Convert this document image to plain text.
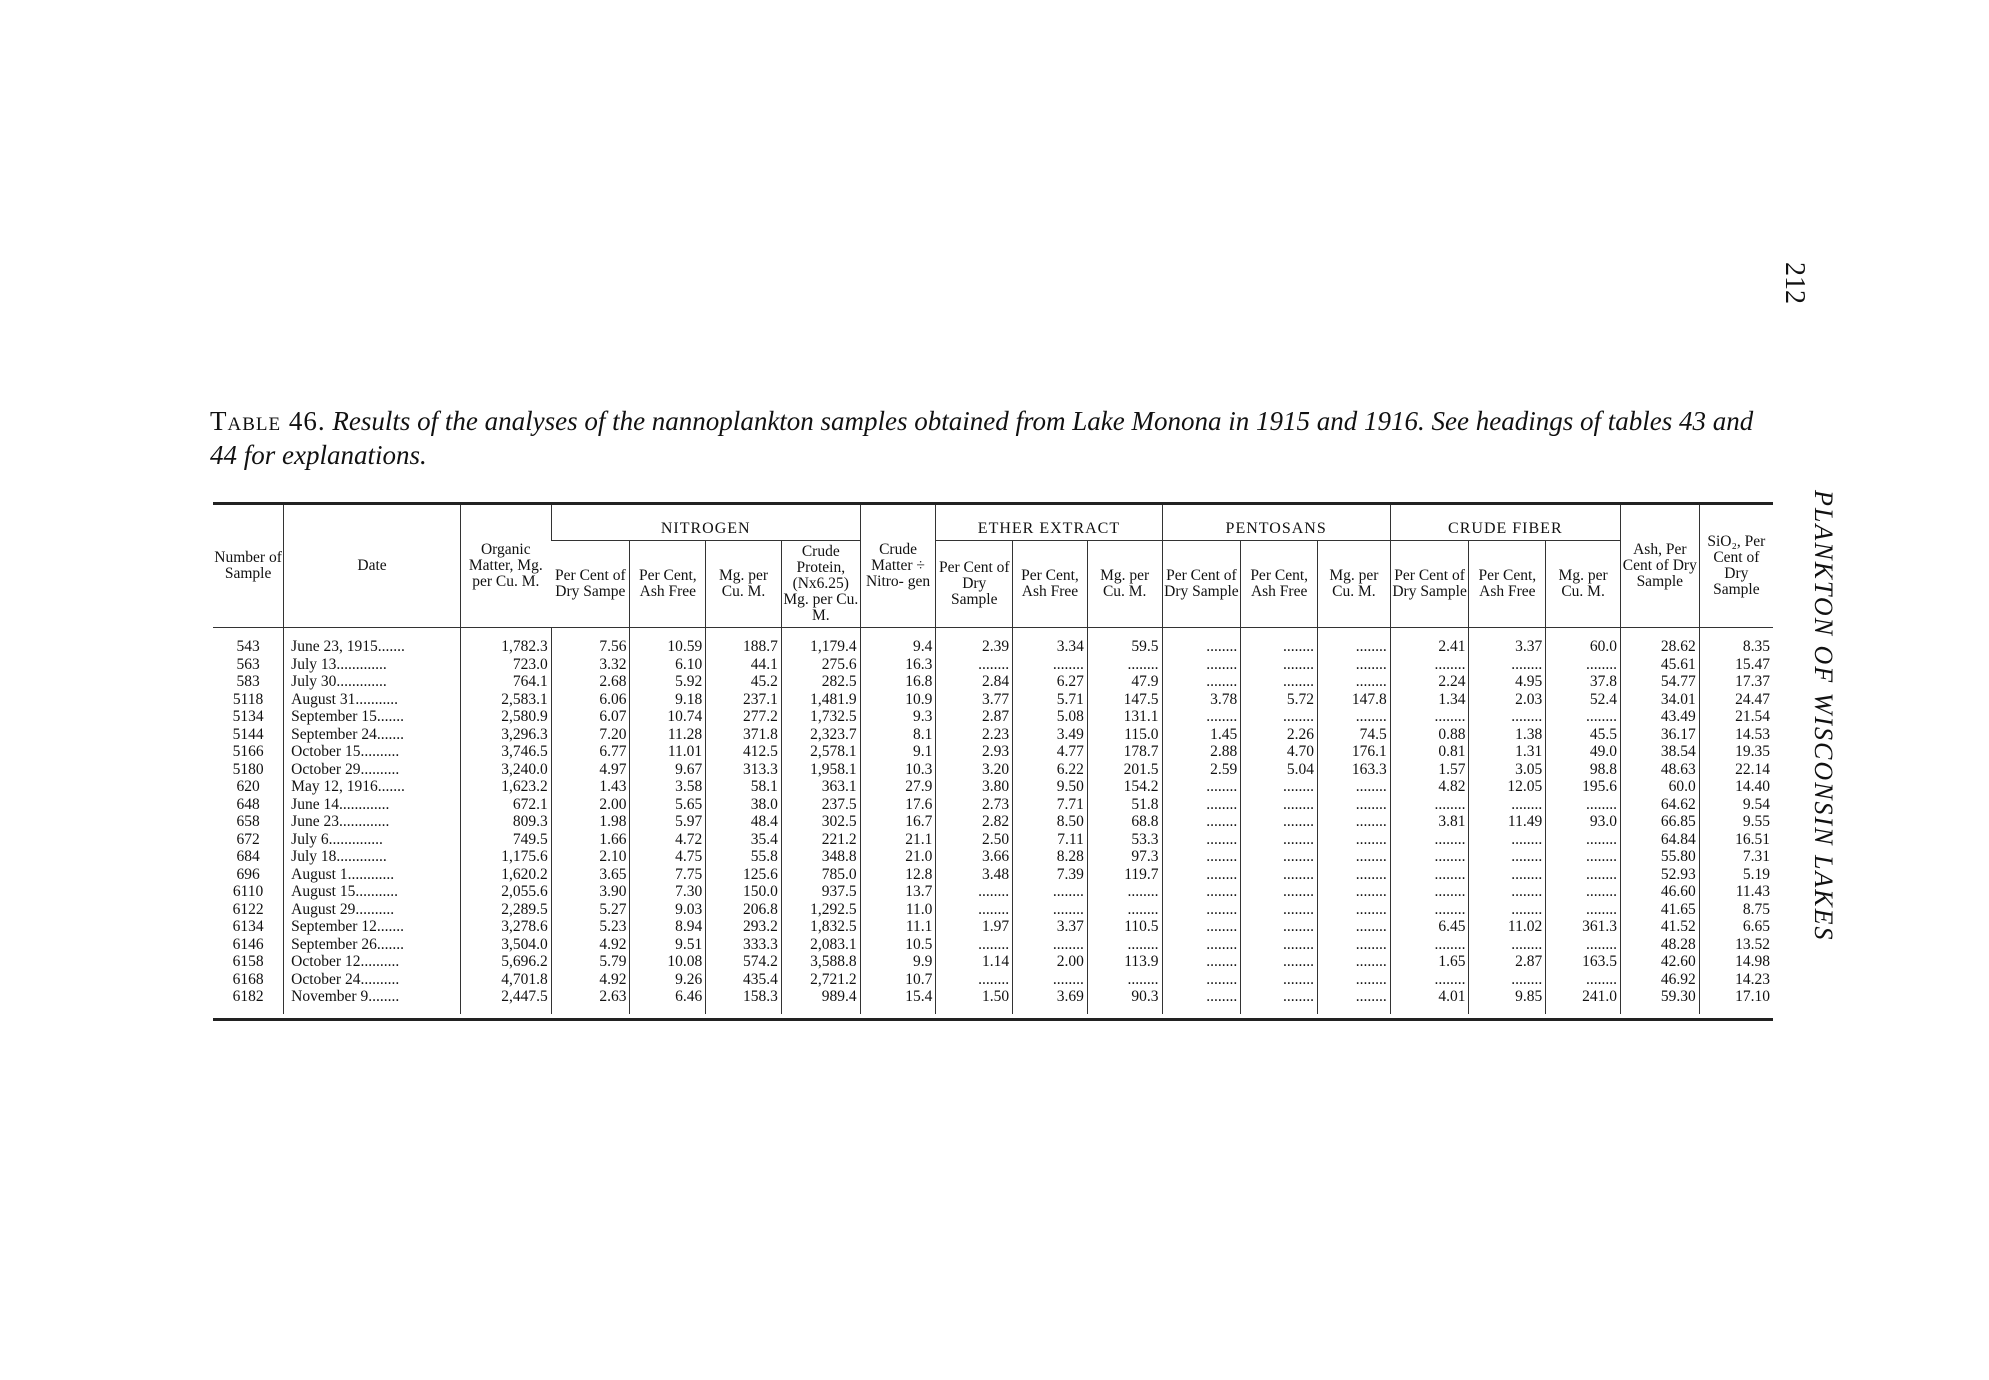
212
PLANKTON OF WISCONSIN LAKES
Table 46. Results of the analyses of the nannoplankton samples obtained from Lake Monona in 1915 and 1916. See headings of tables 43 and 44 for explanations.
Number of Sample	Date	Organic Matter, Mg. per Cu. M.	NITROGEN				Crude Matter ÷ Nitro- gen	ETHER EXTRACT			PENTOSANS			CRUDE FIBER			Ash, Per Cent of Dry Sample	SiO₂, Per Cent of Dry Sample
			Per Cent of Dry Sampe	Per Cent, Ash Free	Mg. per Cu. M.	Crude Protein, (Nx6.25) Mg. per Cu. M.		Per Cent of Dry Sample	Per Cent, Ash Free	Mg. per Cu. M.	Per Cent of Dry Sample	Per Cent, Ash Free	Mg. per Cu. M.	Per Cent of Dry Sample	Per Cent, Ash Free	Mg. per Cu. M.		
543	June 23, 1915.......	1,782.3	7.56	10.59	188.7	1,179.4	9.4	2.39	3.34	59.5	........	........	........	2.41	3.37	60.0	28.62	8.35
563	July 13.............	723.0	3.32	6.10	44.1	275.6	16.3	........	........	........	........	........	........	........	........	........	45.61	15.47
583	July 30.............	764.1	2.68	5.92	45.2	282.5	16.8	2.84	6.27	47.9	........	........	........	2.24	4.95	37.8	54.77	17.37
5118	August 31...........	2,583.1	6.06	9.18	237.1	1,481.9	10.9	3.77	5.71	147.5	3.78	5.72	147.8	1.34	2.03	52.4	34.01	24.47
5134	September 15.......	2,580.9	6.07	10.74	277.2	1,732.5	9.3	2.87	5.08	131.1	........	........	........	........	........	........	43.49	21.54
5144	September 24.......	3,296.3	7.20	11.28	371.8	2,323.7	8.1	2.23	3.49	115.0	1.45	2.26	74.5	0.88	1.38	45.5	36.17	14.53
5166	October 15..........	3,746.5	6.77	11.01	412.5	2,578.1	9.1	2.93	4.77	178.7	2.88	4.70	176.1	0.81	1.31	49.0	38.54	19.35
5180	October 29..........	3,240.0	4.97	9.67	313.3	1,958.1	10.3	3.20	6.22	201.5	2.59	5.04	163.3	1.57	3.05	98.8	48.63	22.14
620	May 12, 1916.......	1,623.2	1.43	3.58	58.1	363.1	27.9	3.80	9.50	154.2	........	........	........	4.82	12.05	195.6	60.0	14.40
648	June 14.............	672.1	2.00	5.65	38.0	237.5	17.6	2.73	7.71	51.8	........	........	........	........	........	........	64.62	9.54
658	June 23.............	809.3	1.98	5.97	48.4	302.5	16.7	2.82	8.50	68.8	........	........	........	3.81	11.49	93.0	66.85	9.55
672	July 6..............	749.5	1.66	4.72	35.4	221.2	21.1	2.50	7.11	53.3	........	........	........	........	........	........	64.84	16.51
684	July 18.............	1,175.6	2.10	4.75	55.8	348.8	21.0	3.66	8.28	97.3	........	........	........	........	........	........	55.80	7.31
696	August 1............	1,620.2	3.65	7.75	125.6	785.0	12.8	3.48	7.39	119.7	........	........	........	........	........	........	52.93	5.19
6110	August 15...........	2,055.6	3.90	7.30	150.0	937.5	13.7	........	........	........	........	........	........	........	........	........	46.60	11.43
6122	August 29..........	2,289.5	5.27	9.03	206.8	1,292.5	11.0	........	........	........	........	........	........	........	........	........	41.65	8.75
6134	September 12.......	3,278.6	5.23	8.94	293.2	1,832.5	11.1	1.97	3.37	110.5	........	........	........	6.45	11.02	361.3	41.52	6.65
6146	September 26.......	3,504.0	4.92	9.51	333.3	2,083.1	10.5	........	........	........	........	........	........	........	........	........	48.28	13.52
6158	October 12..........	5,696.2	5.79	10.08	574.2	3,588.8	9.9	1.14	2.00	113.9	........	........	........	1.65	2.87	163.5	42.60	14.98
6168	October 24..........	4,701.8	4.92	9.26	435.4	2,721.2	10.7	........	........	........	........	........	........	........	........	........	46.92	14.23
6182	November 9........	2,447.5	2.63	6.46	158.3	989.4	15.4	1.50	3.69	90.3	........	........	........	4.01	9.85	241.0	59.30	17.10
